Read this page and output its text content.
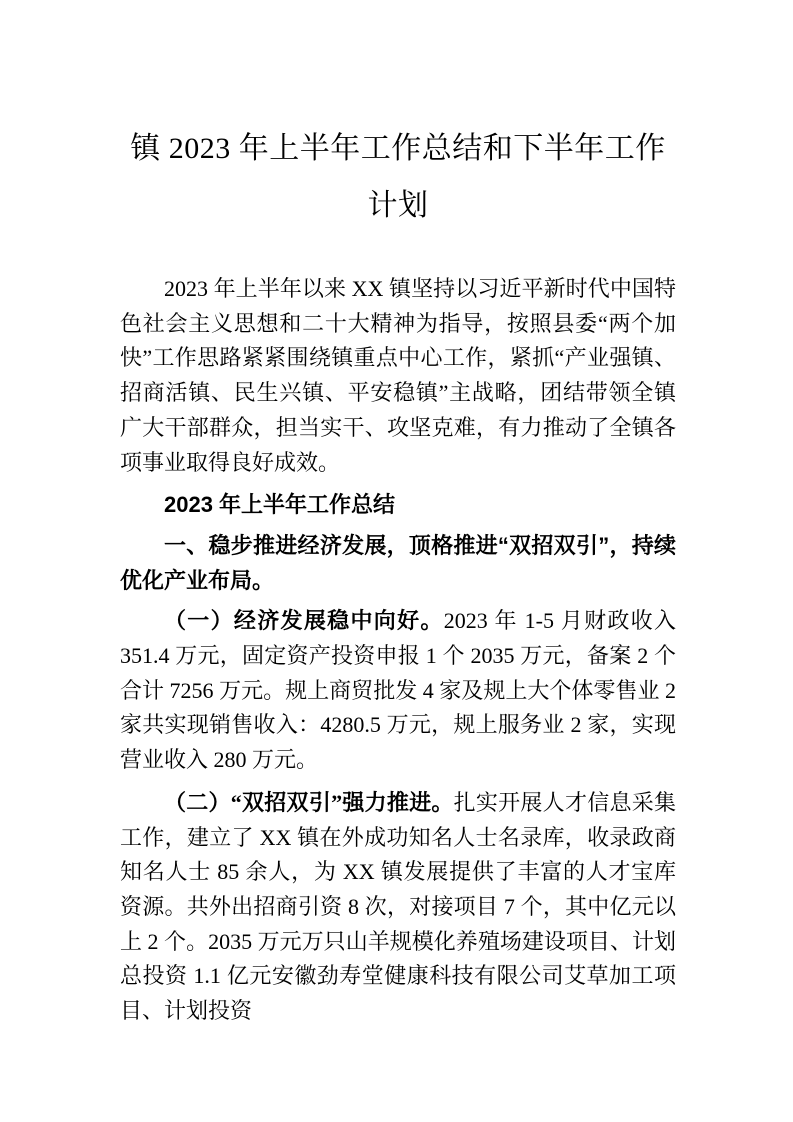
镇 2023 年上半年工作总结和下半年工作计划

2023 年上半年以来 XX 镇坚持以习近平新时代中国特色社会主义思想和二十大精神为指导，按照县委“两个加快”工作思路紧紧围绕镇重点中心工作，紧抓“产业强镇、招商活镇、民生兴镇、平安稳镇”主战略，团结带领全镇广大干部群众，担当实干、攻坚克难，有力推动了全镇各项事业取得良好成效。

2023 年上半年工作总结

一、稳步推进经济发展，顶格推进“双招双引”，持续优化产业布局。

（一）经济发展稳中向好。2023 年 1-5 月财政收入 351.4 万元，固定资产投资申报 1 个 2035 万元，备案 2 个合计 7256 万元。规上商贸批发 4 家及规上大个体零售业 2 家共实现销售收入：4280.5 万元，规上服务业 2 家，实现营业收入 280 万元。

（二）“双招双引”强力推进。扎实开展人才信息采集工作，建立了 XX 镇在外成功知名人士名录库，收录政商知名人士 85 余人，为 XX 镇发展提供了丰富的人才宝库资源。共外出招商引资 8 次，对接项目 7 个，其中亿元以上 2 个。2035 万元万只山羊规模化养殖场建设项目、计划总投资 1.1 亿元安徽劲寿堂健康科技有限公司艾草加工项目、计划投资
